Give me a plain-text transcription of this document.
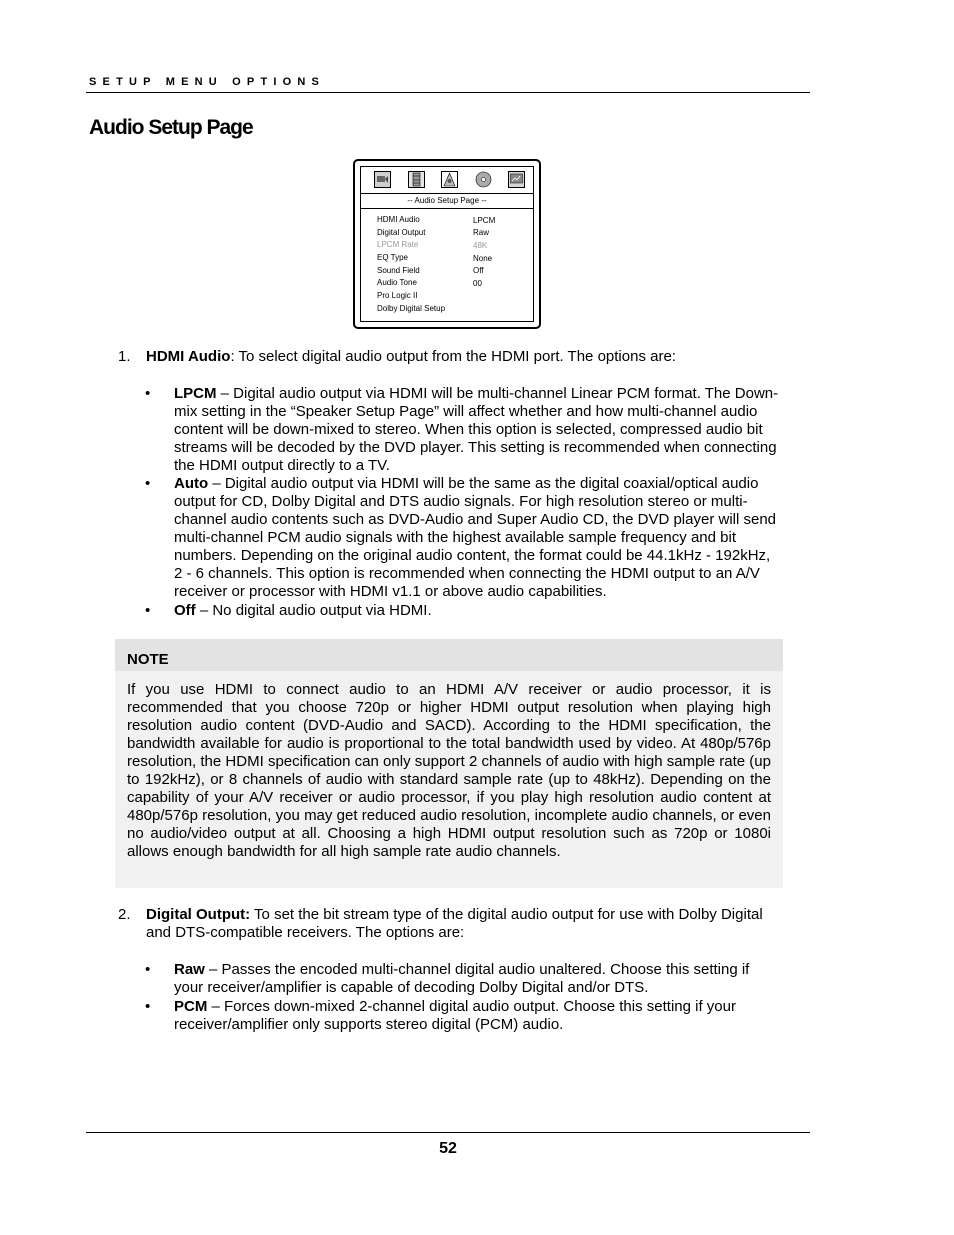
SETUP MENU OPTIONS
Audio Setup Page
-- Audio Setup Page --
HDMI Audio	LPCM
Digital Output	Raw
LPCM Rate	48K
EQ Type	None
Sound Field	Off
Audio Tone	00
Pro Logic II
Dolby Digital Setup
1. HDMI Audio: To select digital audio output from the HDMI port. The options are:
• LPCM – Digital audio output via HDMI will be multi-channel Linear PCM format. The Down-
mix setting in the “Speaker Setup Page” will affect whether and how multi-channel audio
content will be down-mixed to stereo. When this option is selected, compressed audio bit
streams will be decoded by the DVD player. This setting is recommended when connecting
the HDMI output directly to a TV.
• Auto – Digital audio output via HDMI will be the same as the digital coaxial/optical audio
output for CD, Dolby Digital and DTS audio signals. For high resolution stereo or multi-
channel audio contents such as DVD-Audio and Super Audio CD, the DVD player will send
multi-channel PCM audio signals with the highest available sample frequency and bit
numbers. Depending on the original audio content, the format could be 44.1kHz - 192kHz,
2 - 6 channels. This option is recommended when connecting the HDMI output to an A/V
receiver or processor with HDMI v1.1 or above audio capabilities.
• Off – No digital audio output via HDMI.
NOTE
If you use HDMI to connect audio to an HDMI A/V receiver or audio processor, it is recommended that you choose 720p or higher HDMI output resolution when playing high resolution audio content (DVD-Audio and SACD). According to the HDMI specification, the bandwidth available for audio is proportional to the total bandwidth used by video. At 480p/576p resolution, the HDMI specification can only support 2 channels of audio with high sample rate (up to 192kHz), or 8 channels of audio with standard sample rate (up to 48kHz). Depending on the capability of your A/V receiver or audio processor, if you play high resolution audio content at 480p/576p resolution, you may get reduced audio resolution, incomplete audio channels, or even no audio/video output at all. Choosing a high HDMI output resolution such as 720p or 1080i allows enough bandwidth for all high sample rate audio channels.
2. Digital Output: To set the bit stream type of the digital audio output for use with Dolby Digital
and DTS-compatible receivers. The options are:
• Raw – Passes the encoded multi-channel digital audio unaltered. Choose this setting if
your receiver/amplifier is capable of decoding Dolby Digital and/or DTS.
• PCM – Forces down-mixed 2-channel digital audio output. Choose this setting if your
receiver/amplifier only supports stereo digital (PCM) audio.
52
